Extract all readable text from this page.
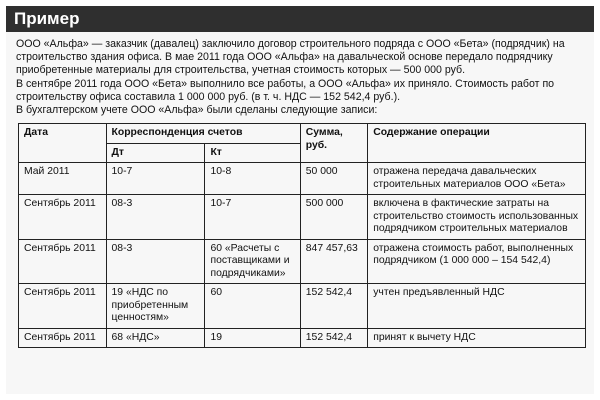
Пример

ООО «Альфа» — заказчик (давалец) заключило договор строительного подряда с ООО «Бета» (подрядчик) на строительство здания офиса. В мае 2011 года ООО «Альфа» на давальческой основе передало подрядчику приобретенные материалы для строительства, учетная стоимость которых — 500 000 руб.

В сентябре 2011 года ООО «Бета» выполнило все работы, а ООО «Альфа» их приняло. Стоимость работ по строительству офиса составила 1 000 000 руб. (в т. ч. НДС — 152 542,4 руб.).

В бухгалтерском учете ООО «Альфа» были сделаны следующие записи:

Дата	Корреспонденция счетов		Сумма, руб.	Содержание операции
	Дт	Кт		
Май 2011	10-7	10-8	50 000	отражена передача давальческих строительных материалов ООО «Бета»
Сентябрь 2011	08-3	10-7	500 000	включена в фактические затраты на строительство стоимость использованных подрядчиком строительных материалов
Сентябрь 2011	08-3	60 «Расчеты с поставщиками и подрядчиками»	847 457,63	отражена стоимость работ, выполненных подрядчиком (1 000 000 – 154 542,4)
Сентябрь 2011	19 «НДС по приобретенным ценностям»	60	152 542,4	учтен предъявленный НДС
Сентябрь 2011	68 «НДС»	19	152 542,4	принят к вычету НДС
